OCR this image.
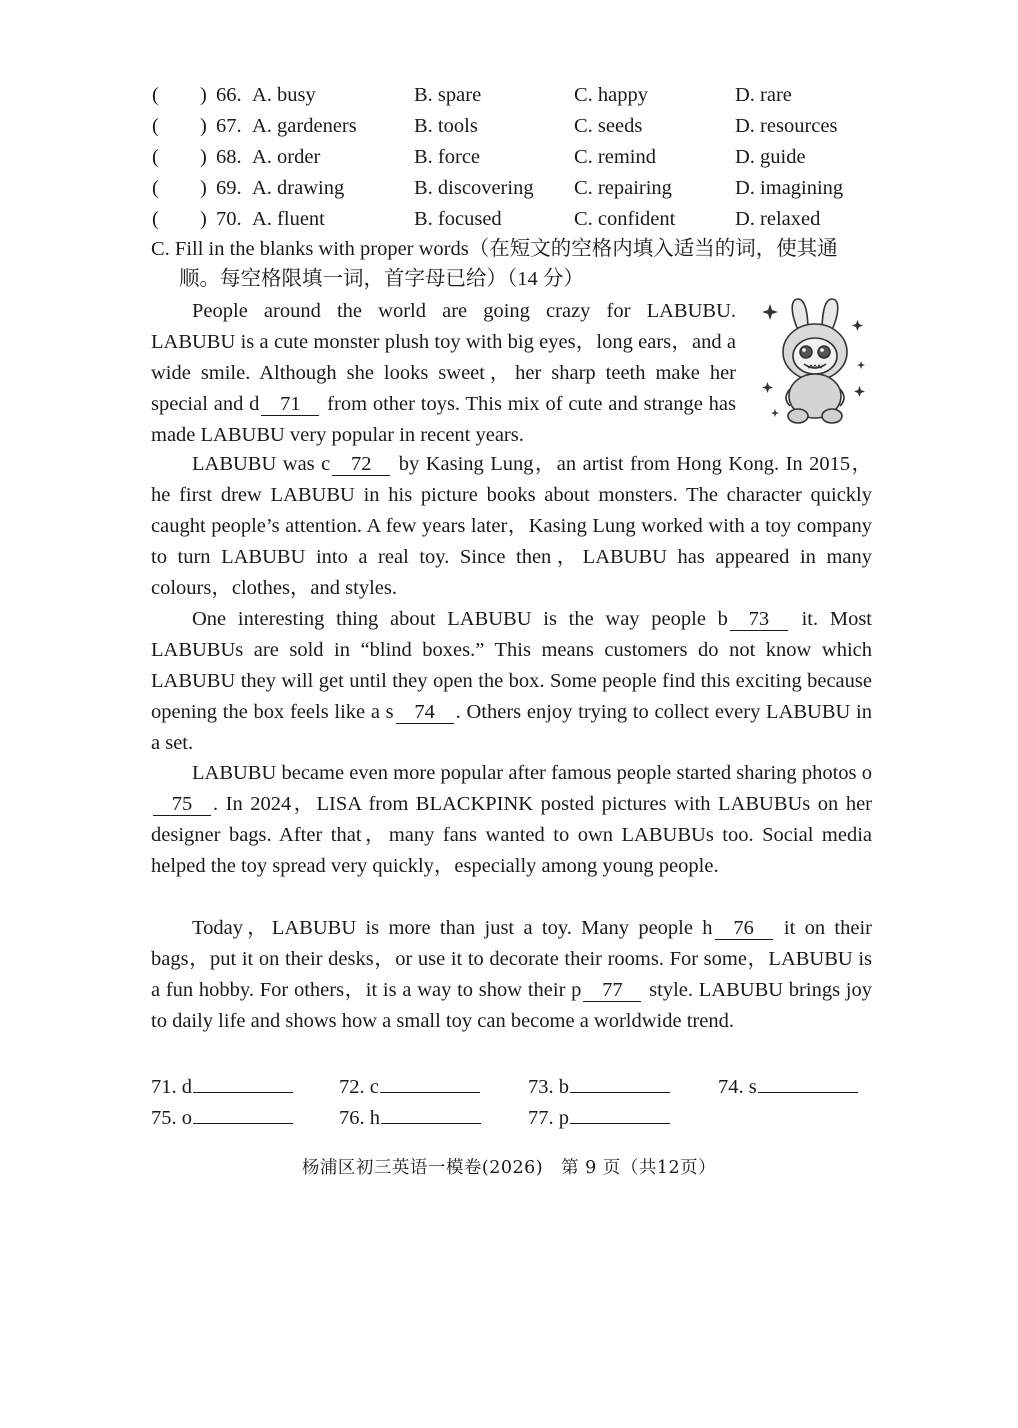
( ) 66. A. busy	B. spare	C. happy	D. rare
( ) 67. A. gardeners	B. tools	C. seeds	D. resources
( ) 68. A. order	B. force	C. remind	D. guide
( ) 69. A. drawing	B. discovering C. repairing	D. imagining
( ) 70. A. fluent	B. focused	C. confident	D. relaxed
C. Fill in the blanks with proper words（在短文的空格内填入适当的词，使其通
顺。每空格限填一词，首字母已给）（14 分）

People around the world are going crazy for LABUBU. LABUBU is a cute monster plush toy with big eyes，long ears，and a wide smile. Although she looks sweet，her sharp teeth make her special and d 71 from other toys. This mix of cute and strange has made LABUBU very popular in recent years.

LABUBU was c 72 by Kasing Lung，an artist from Hong Kong. In 2015，he first drew LABUBU in his picture books about monsters. The character quickly caught people’s attention. A few years later，Kasing Lung worked with a toy company to turn LABUBU into a real toy. Since then，LABUBU has appeared in many colours，clothes，and styles.

One interesting thing about LABUBU is the way people b 73 it. Most LABUBUs are sold in “blind boxes.” This means customers do not know which LABUBU they will get until they open the box. Some people find this exciting because opening the box feels like a s 74 . Others enjoy trying to collect every LABUBU in a set.

LABUBU became even more popular after famous people started sharing photos o75 . In 2024，LISA from BLACKPINK posted pictures with LABUBUs on her designer bags. After that，many fans wanted to own LABUBUs too. Social media helped the toy spread very quickly，especially among young people.

Today，LABUBU is more than just a toy. Many people h 76 it on their bags，put it on their desks，or use it to decorate their rooms. For some，LABUBU is a fun hobby. For others，it is a way to show their p 77 style. LABUBU brings joy to daily life and shows how a small toy can become a worldwide trend.

71. d	72. c	73. b	74. s
75. o	76. h	77. p
杨浦区初三英语一模卷(2026)　第 9 页（共12页）
